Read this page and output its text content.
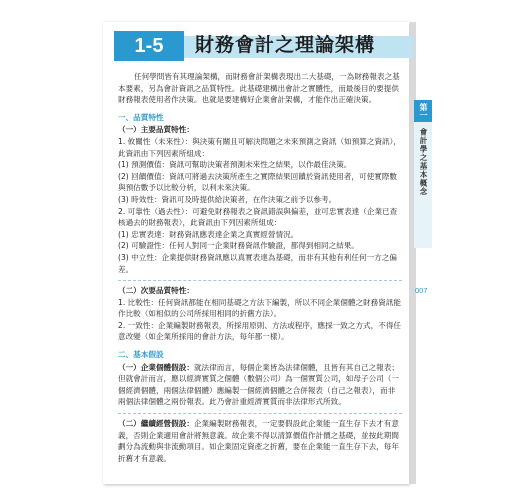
1-5	財務會計之理論架構
第一章
會計學之基本概念
007

任何學問皆有其理論架構，而財務會計架構表現出二大基礎，一為財務報表之基本要素，另為會計資訊之品質特性。此基礎建構出會計之實體性，而最後目的要提供財務報表使用者作決策。也就是要建構好企業會計架構，才能作出正確決策。

一、品質特性

（一）主要品質特性：

1. 攸關性（未來性）：與決策有關且可解決問題之未來預測之資訊（如預算之資訊），此資訊由下列因素所組成：

(1) 預測價值：資訊可幫助決策者預測未來性之結果，以作最佳決策。

(2) 回饋價值：資訊可將過去決策所產生之實際結果回饋於資訊使用者，可使實際數與預估數予以比較分析，以利未來決策。

(3) 時效性：資訊可及時提供給決策者，在作決策之前予以參考。

2. 可靠性（過去性）：可避免財務報表之資訊錯誤與偏差，並可忠實表達（企業已查核過去的財務報表），此資訊由下列因素所組成：

(1) 忠實表達：財務資訊應表達企業之真實經營情況。

(2) 可驗證性：任何人對同一企業財務資訊作驗證，都得到相同之結果。

(3) 中立性：企業提供財務資訊應以真實表達為基礎，而非有其他有利任何一方之偏差。

（二）次要品質特性：

1. 比較性：任何資訊都能在相同基礎之方法下編製，所以不同企業個體之財務資訊能作比較（如相似的公司所採用相同的折舊方法）。

2. 一致性：企業編製財務報表，所採用原則、方法或程序，應採一致之方式，不得任意改變（如企業所採用的會計方法，每年都一樣）。

二、基本假設

（一）企業個體假設：就法律而言，每個企業皆為法律個體，且皆有其自己之報表；但就會計而言，應以經濟實質之個體（數個公司）為一個實質公司，如母子公司（一個經濟個體，兩個法律個體）應編製一個經濟個體之合併報表（自己之報表），而非兩個法律個體之兩份報表。此乃會計重經濟實質而非法律形式所致。

（二）繼續經營假設：企業編製財務報表，一定要假設此企業能一直生存下去才有意義，否則企業適用會計將無意義。故企業不得以清算價值作計價之基礎，並按此期間劃分為流動與非流動項目。如企業固定資產之折舊，要在企業能一直生存下去，每年折舊才有意義。
